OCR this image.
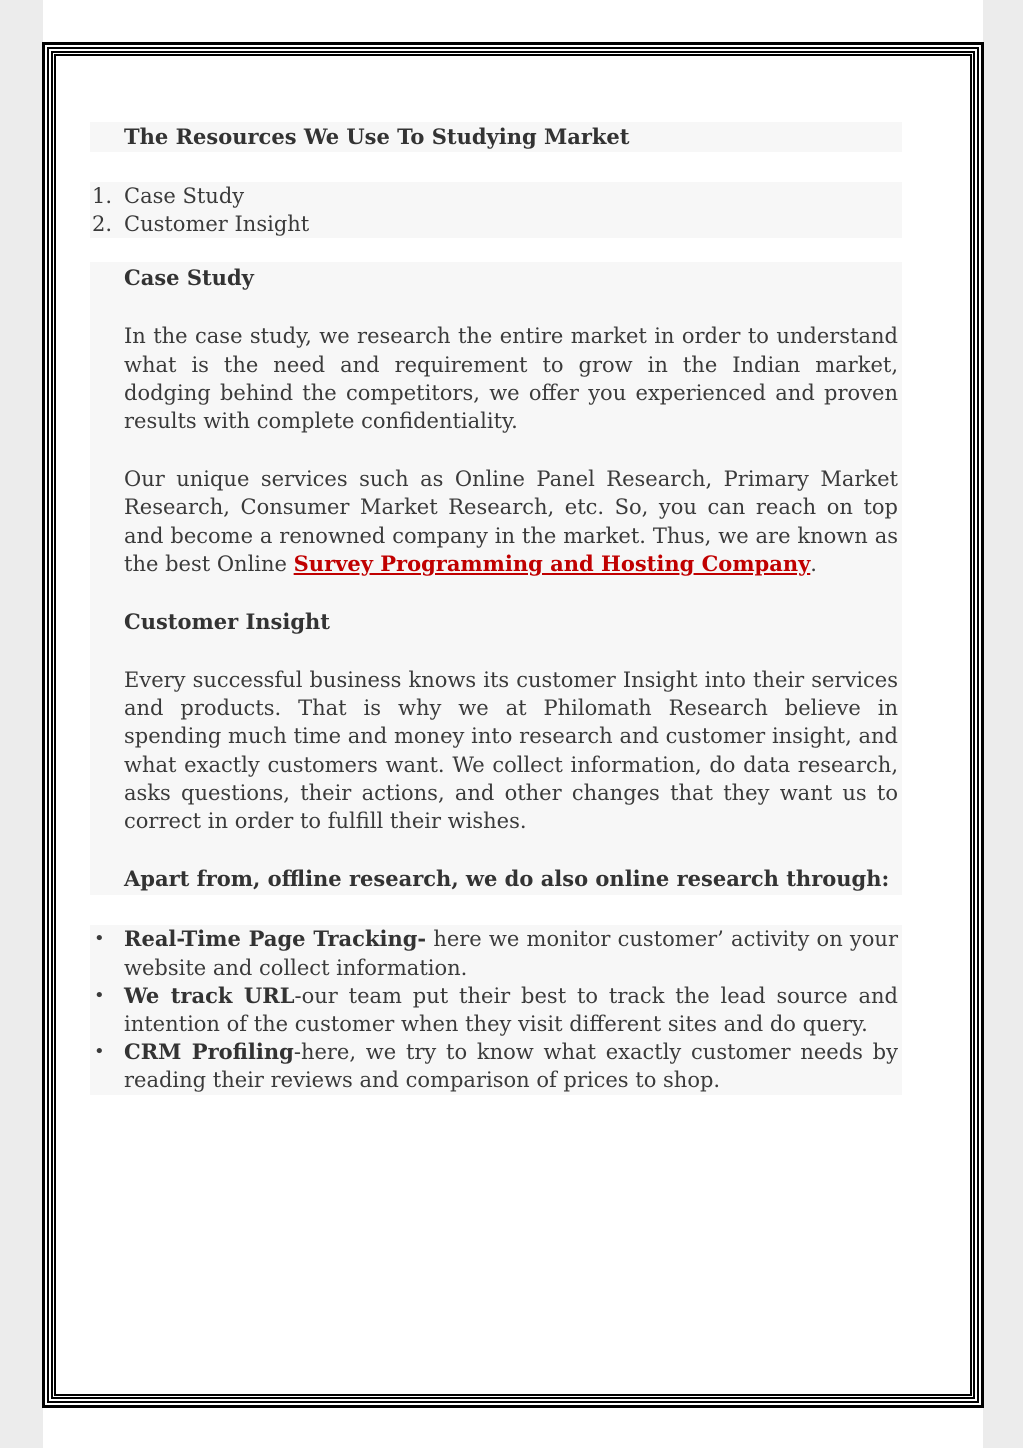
The Resources We Use To Studying Market
1. Case Study
2. Customer Insight
Case Study

In the case study, we research the entire market in order to understand what is the need and requirement to grow in the Indian market, dodging behind the competitors, we offer you experienced and proven results with complete confidentiality.

Our unique services such as Online Panel Research, Primary Market Research, Consumer Market Research, etc. So, you can reach on top and become a renowned company in the market. Thus, we are known as the best Online Survey Programming and Hosting Company.

Customer Insight

Every successful business knows its customer Insight into their services and products. That is why we at Philomath Research believe in spending much time and money into research and customer insight, and what exactly customers want. We collect information, do data research, asks questions, their actions, and other changes that they want us to correct in order to fulfill their wishes.

Apart from, offline research, we do also online research through:
• Real-Time Page Tracking- here we monitor customer’ activity on your website and collect information.
• We track URL-our team put their best to track the lead source and intention of the customer when they visit different sites and do query.
• CRM Profiling-here, we try to know what exactly customer needs by reading their reviews and comparison of prices to shop.
